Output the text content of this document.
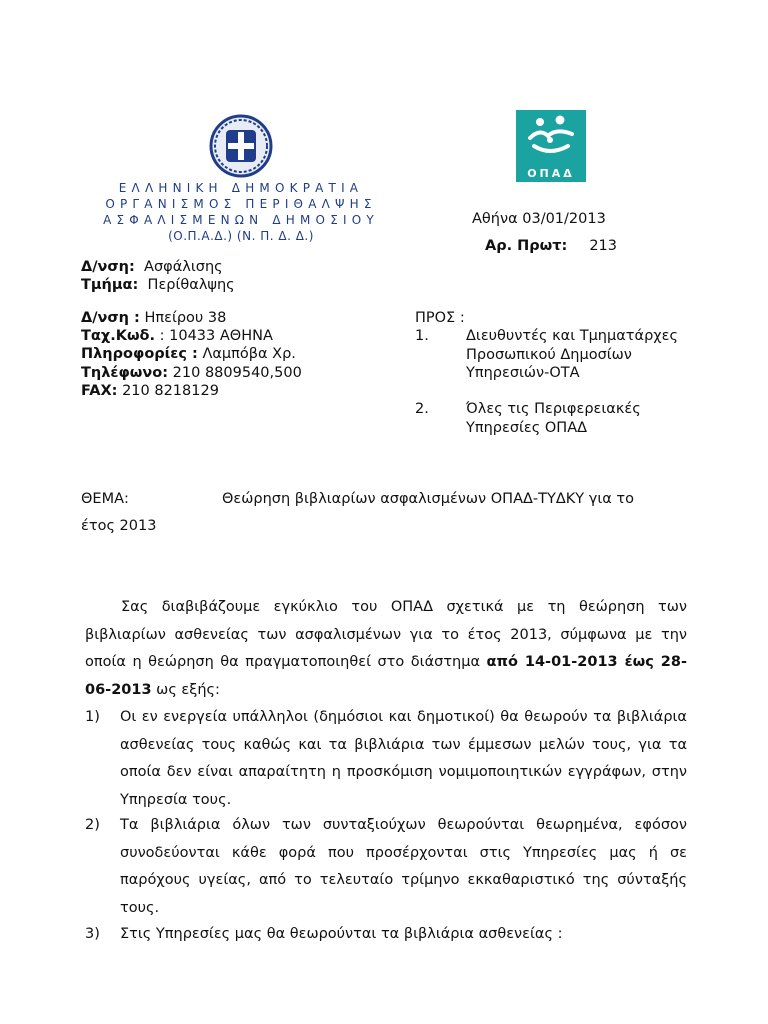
ΟΠΑΔ
ΕΛΛΗΝΙΚΗ ΔΗΜΟΚΡΑΤΙΑ
ΟΡΓΑΝΙΣΜΟΣ ΠΕΡΙΘΑΛΨΗΣ
ΑΣΦΑΛΙΣΜΕΝΩΝ ΔΗΜΟΣΙΟΥ
(Ο.Π.Α.Δ.) (Ν. Π. Δ. Δ.)
Αθήνα 03/01/2013
Αρ. Πρωτ: 213
Δ/νση: Ασφάλισης
Τμήμα: Περίθαλψης
Δ/νση : Ηπείρου 38
Ταχ.Κωδ. : 10433 ΑΘΗΝΑ
Πληροφορίες : Λαμπόβα Χρ.
Τηλέφωνο: 210 8809540,500
FAX: 210 8218129
ΠΡΟΣ :
1.	Διευθυντές και Τμηματάρχες
Προσωπικού Δημοσίων
Υπηρεσιών-ΟΤΑ
2.	Όλες τις Περιφερειακές
Υπηρεσίες ΟΠΑΔ
ΘΕΜΑ:	Θεώρηση βιβλιαρίων ασφαλισμένων ΟΠΑΔ-ΤΥΔΚΥ για το
έτος 2013
Σας διαβιβάζουμε εγκύκλιο του ΟΠΑΔ σχετικά με τη θεώρηση των βιβλιαρίων ασθενείας των ασφαλισμένων για το έτος 2013, σύμφωνα με την οποία η θεώρηση θα πραγματοποιηθεί στο διάστημα από 14-01-2013 έως 28-06-2013 ως εξής:
1) Οι εν ενεργεία υπάλληλοι (δημόσιοι και δημοτικοί) θα θεωρούν τα βιβλιάρια ασθενείας τους καθώς και τα βιβλιάρια των έμμεσων μελών τους, για τα οποία δεν είναι απαραίτητη η προσκόμιση νομιμοποιητικών εγγράφων, στην Υπηρεσία τους.
2) Τα βιβλιάρια όλων των συνταξιούχων θεωρούνται θεωρημένα, εφόσον συνοδεύονται κάθε φορά που προσέρχονται στις Υπηρεσίες μας ή σε παρόχους υγείας, από το τελευταίο τρίμηνο εκκαθαριστικό της σύνταξής τους.
3) Στις Υπηρεσίες μας θα θεωρούνται τα βιβλιάρια ασθενείας :
